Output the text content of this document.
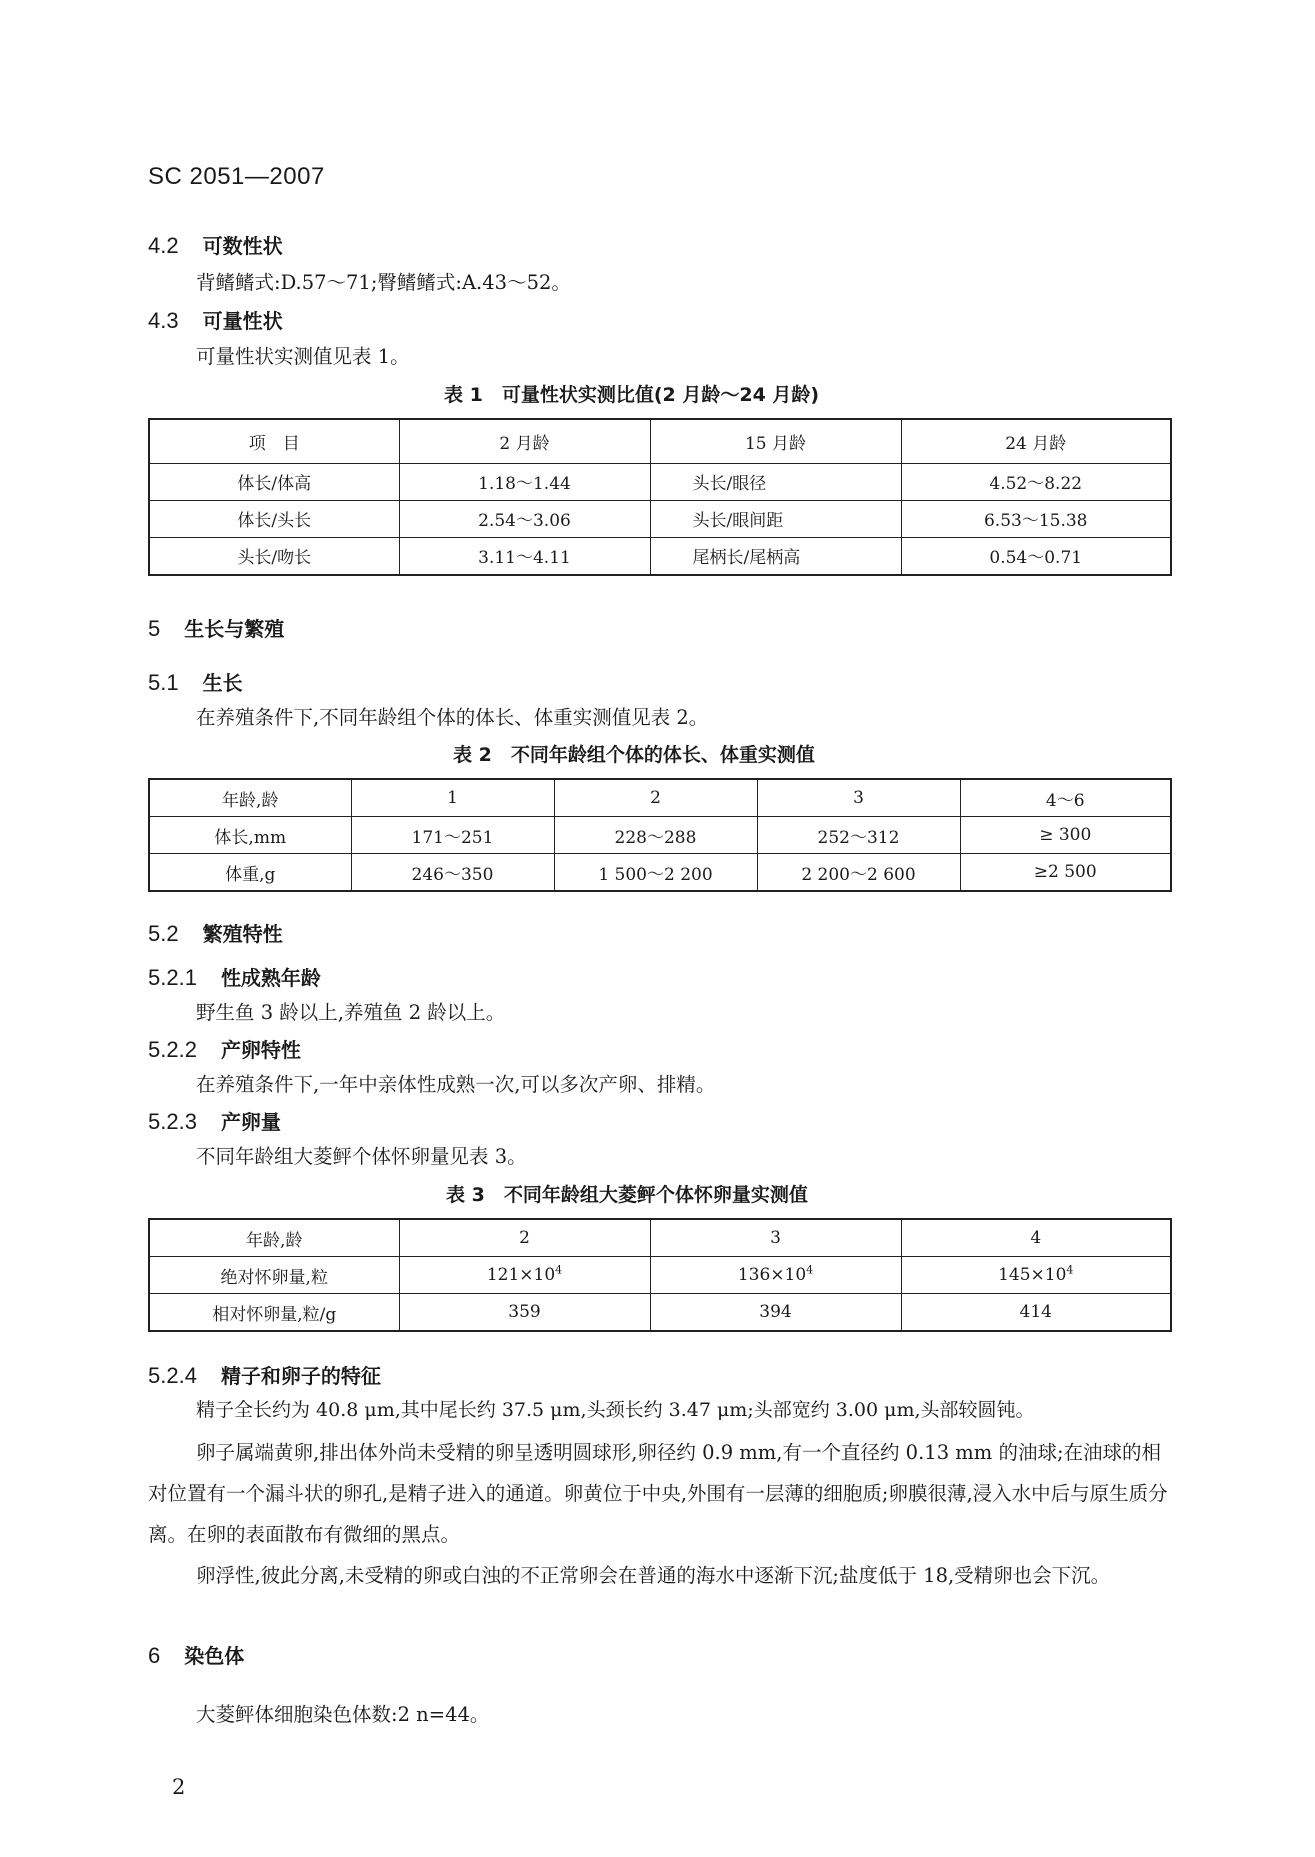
SC 2051—2007
4.2 可数性状
背鳍鳍式:D.57～71;臀鳍鳍式:A.43～52。
4.3 可量性状
可量性状实测值见表 1。
表 1　可量性状实测比值(2 月龄～24 月龄)
项　目	2 月龄	15 月龄	24 月龄
体长/体高	1.18～1.44	头长/眼径	4.52～8.22
体长/头长	2.54～3.06	头长/眼间距	6.53～15.38
头长/吻长	3.11～4.11	尾柄长/尾柄高	0.54～0.71
5 生长与繁殖
5.1 生长
在养殖条件下,不同年龄组个体的体长、体重实测值见表 2。
表 2　不同年龄组个体的体长、体重实测值
年龄,龄	1	2	3	4～6
体长,mm	171～251	228～288	252～312	≥ 300
体重,g	246～350	1 500～2 200	2 200～2 600	≥2 500
5.2 繁殖特性
5.2.1 性成熟年龄
野生鱼 3 龄以上,养殖鱼 2 龄以上。
5.2.2 产卵特性
在养殖条件下,一年中亲体性成熟一次,可以多次产卵、排精。
5.2.3 产卵量
不同年龄组大菱鲆个体怀卵量见表 3。
表 3　不同年龄组大菱鲆个体怀卵量实测值
年龄,龄	2	3	4
绝对怀卵量,粒	$121\times 10^4$	$136\times 10^4$	$145\times 10^4$
相对怀卵量,粒/g	359	394	414
5.2.4 精子和卵子的特征
精子全长约为 40.8 μm,其中尾长约 37.5 μm,头颈长约 3.47 μm;头部宽约 3.00 μm,头部较圆钝。
卵子属端黄卵,排出体外尚未受精的卵呈透明圆球形,卵径约 0.9 mm,有一个直径约 0.13 mm 的油球;在油球的相对位置有一个漏斗状的卵孔,是精子进入的通道。卵黄位于中央,外围有一层薄的细胞质;卵膜很薄,浸入水中后与原生质分离。在卵的表面散布有微细的黑点。
卵浮性,彼此分离,未受精的卵或白浊的不正常卵会在普通的海水中逐渐下沉;盐度低于 18,受精卵也会下沉。
6 染色体
大菱鲆体细胞染色体数:2 n=44。
2
